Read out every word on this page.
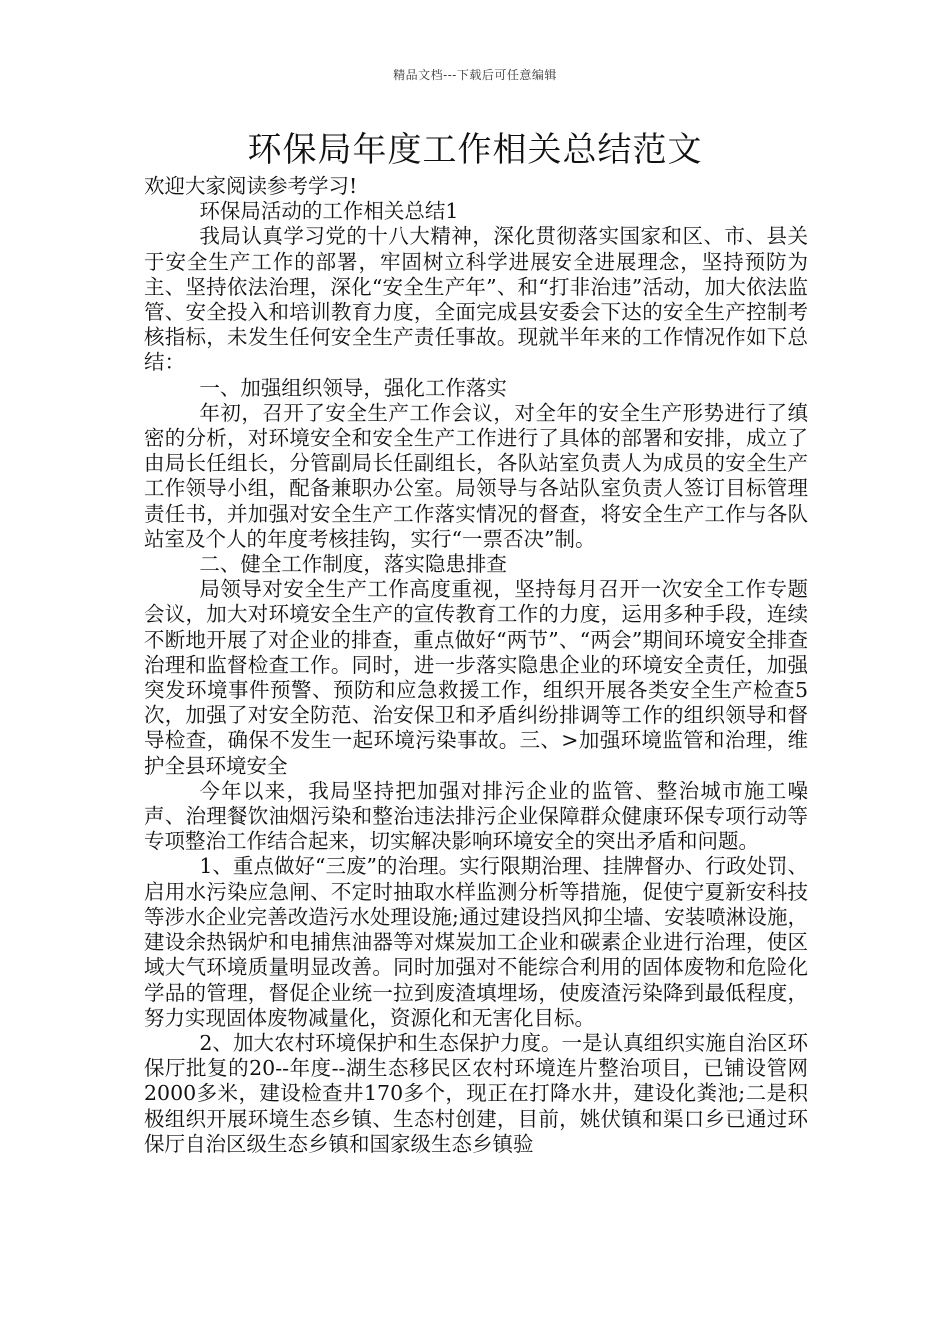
精品文档---下载后可任意编辑
环保局年度工作相关总结范文

欢迎大家阅读参考学习!

环保局活动的工作相关总结1

我局认真学习党的十八大精神，深化贯彻落实国家和区、市、县关于安全生产工作的部署，牢固树立科学进展安全进展理念，坚持预防为主、坚持依法治理，深化“安全生产年”、和“打非治违”活动，加大依法监管、安全投入和培训教育力度，全面完成县安委会下达的安全生产控制考核指标，未发生任何安全生产责任事故。现就半年来的工作情况作如下总结：

一、加强组织领导，强化工作落实

年初，召开了安全生产工作会议，对全年的安全生产形势进行了缜密的分析，对环境安全和安全生产工作进行了具体的部署和安排，成立了由局长任组长，分管副局长任副组长，各队站室负责人为成员的安全生产工作领导小组，配备兼职办公室。局领导与各站队室负责人签订目标管理责任书，并加强对安全生产工作落实情况的督查，将安全生产工作与各队站室及个人的年度考核挂钩，实行“一票否决”制。

二、健全工作制度，落实隐患排查

局领导对安全生产工作高度重视，坚持每月召开一次安全工作专题会议，加大对环境安全生产的宣传教育工作的力度，运用多种手段，连续不断地开展了对企业的排查，重点做好“两节”、“两会”期间环境安全排查治理和监督检查工作。同时，进一步落实隐患企业的环境安全责任，加强突发环境事件预警、预防和应急救援工作，组织开展各类安全生产检查5次，加强了对安全防范、治安保卫和矛盾纠纷排调等工作的组织领导和督导检查，确保不发生一起环境污染事故。三、>加强环境监管和治理，维护全县环境安全

今年以来，我局坚持把加强对排污企业的监管、整治城市施工噪声、治理餐饮油烟污染和整治违法排污企业保障群众健康环保专项行动等专项整治工作结合起来，切实解决影响环境安全的突出矛盾和问题。

1、重点做好“三废”的治理。实行限期治理、挂牌督办、行政处罚、启用水污染应急闸、不定时抽取水样监测分析等措施，促使宁夏新安科技等涉水企业完善改造污水处理设施;通过建设挡风抑尘墙、安装喷淋设施，建设余热锅炉和电捕焦油器等对煤炭加工企业和碳素企业进行治理，使区域大气环境质量明显改善。同时加强对不能综合利用的固体废物和危险化学品的管理，督促企业统一拉到废渣填埋场，使废渣污染降到最低程度，努力实现固体废物减量化，资源化和无害化目标。

2、加大农村环境保护和生态保护力度。一是认真组织实施自治区环保厅批复的20--年度--湖生态移民区农村环境连片整治项目，已铺设管网2000多米，建设检查井170多个，现正在打降水井，建设化粪池;二是积极组织开展环境生态乡镇、生态村创建，目前，姚伏镇和渠口乡已通过环保厅自治区级生态乡镇和国家级生态乡镇验
